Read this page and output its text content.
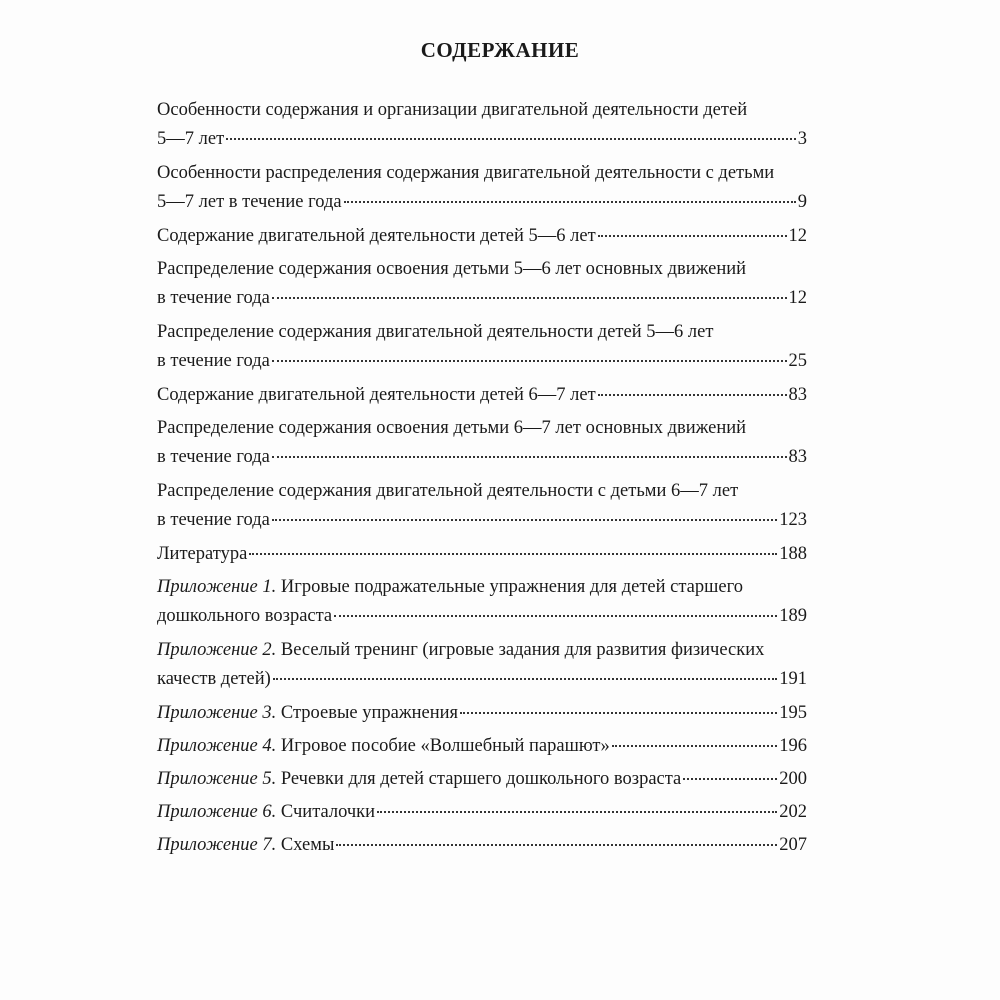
СОДЕРЖАНИЕ
Особенности содержания и организации двигательной деятельности детей
5—7 лет	3
Особенности распределения содержания двигательной деятельности с детьми
5—7 лет в течение года	9
Содержание двигательной деятельности детей 5—6 лет	12
Распределение содержания освоения детьми 5—6 лет основных движений
в течение года	12
Распределение содержания двигательной деятельности детей 5—6 лет
в течение года	25
Содержание двигательной деятельности детей 6—7 лет	83
Распределение содержания освоения детьми 6—7 лет основных движений
в течение года	83
Распределение содержания двигательной деятельности с детьми 6—7 лет
в течение года	123
Литература	188
Приложение 1. Игровые подражательные упражнения для детей старшего
дошкольного возраста	189
Приложение 2. Веселый тренинг (игровые задания для развития физических
качеств детей)	191
Приложение 3. Строевые упражнения	195
Приложение 4. Игровое пособие «Волшебный парашют»	196
Приложение 5. Речевки для детей старшего дошкольного возраста	200
Приложение 6. Считалочки	202
Приложение 7. Схемы	207
